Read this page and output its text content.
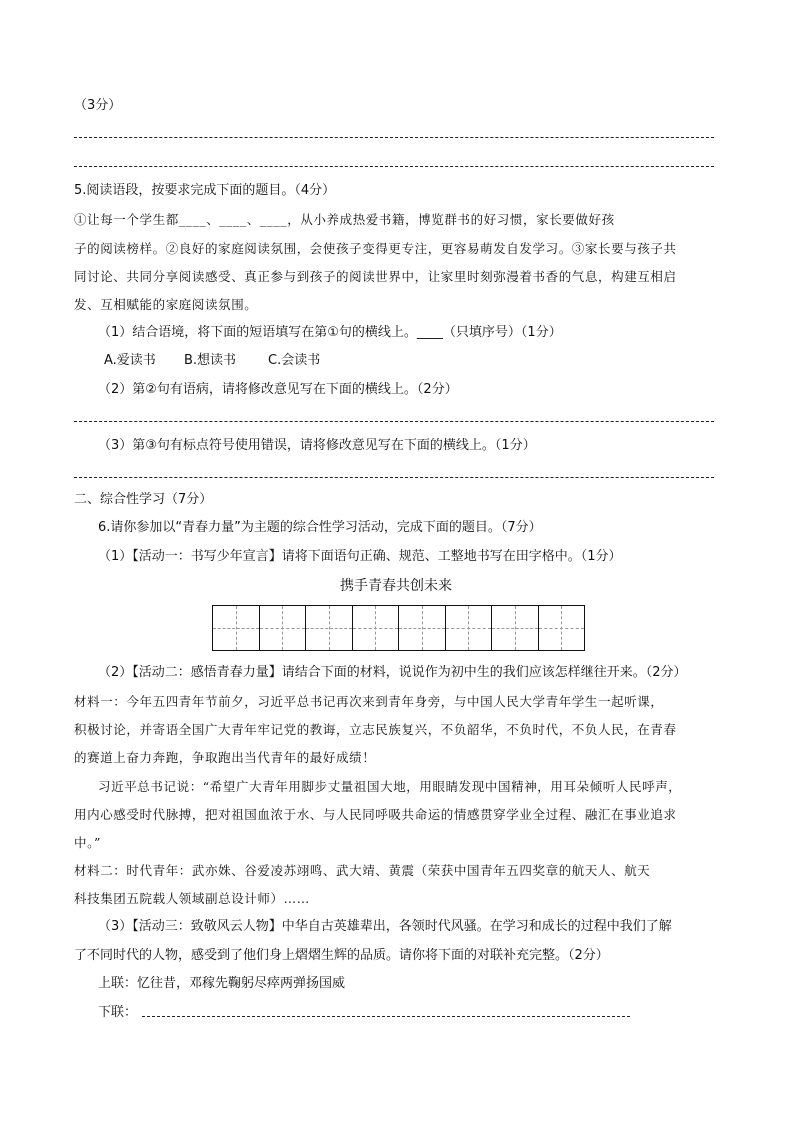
（3分）
5.阅读语段，按要求完成下面的题目。（4分）
①让每一个学生都____、____、____，从小养成热爱书籍，博览群书的好习惯，家长要做好孩
子的阅读榜样。②良好的家庭阅读氛围，会使孩子变得更专注，更容易萌发自发学习。③家长要与孩子共
同讨论、共同分享阅读感受、真正参与到孩子的阅读世界中，让家里时刻弥漫着书香的气息，构建互相启
发、互相赋能的家庭阅读氛围。
（1）结合语境，将下面的短语填写在第①句的横线上。____（只填序号）（1分）
A.爱读书 B.想读书 C.会读书
（2）第②句有语病，请将修改意见写在下面的横线上。（2分）
（3）第③句有标点符号使用错误，请将修改意见写在下面的横线上。（1分）
二、综合性学习（7分）
6.请你参加以“青春力量”为主题的综合性学习活动，完成下面的题目。（7分）
（1）【活动一：书写少年宣言】请将下面语句正确、规范、工整地书写在田字格中。（1分）
携手青春共创未来
（2）【活动二：感悟青春力量】请结合下面的材料，说说作为初中生的我们应该怎样继往开来。（2分）
材料一：今年五四青年节前夕，习近平总书记再次来到青年身旁，与中国人民大学青年学生一起听课，
积极讨论，并寄语全国广大青年牢记党的教诲，立志民族复兴，不负韶华，不负时代，不负人民，在青春
的赛道上奋力奔跑，争取跑出当代青年的最好成绩！
习近平总书记说：“希望广大青年用脚步丈量祖国大地，用眼睛发现中国精神，用耳朵倾听人民呼声，
用内心感受时代脉搏，把对祖国血浓于水、与人民同呼吸共命运的情感贯穿学业全过程、融汇在事业追求
中。”
材料二：时代青年：武亦姝、谷爱凌苏翊鸣、武大靖、黄震（荣获中国青年五四奖章的航天人、航天
科技集团五院载人领域副总设计师）……
（3）【活动三：致敬风云人物】中华自古英雄辈出，各领时代风骚。在学习和成长的过程中我们了解
了不同时代的人物，感受到了他们身上熠熠生辉的品质。请你将下面的对联补充完整。（2分）
上联：忆往昔，邓稼先鞠躬尽瘁两弹扬国威
下联：
